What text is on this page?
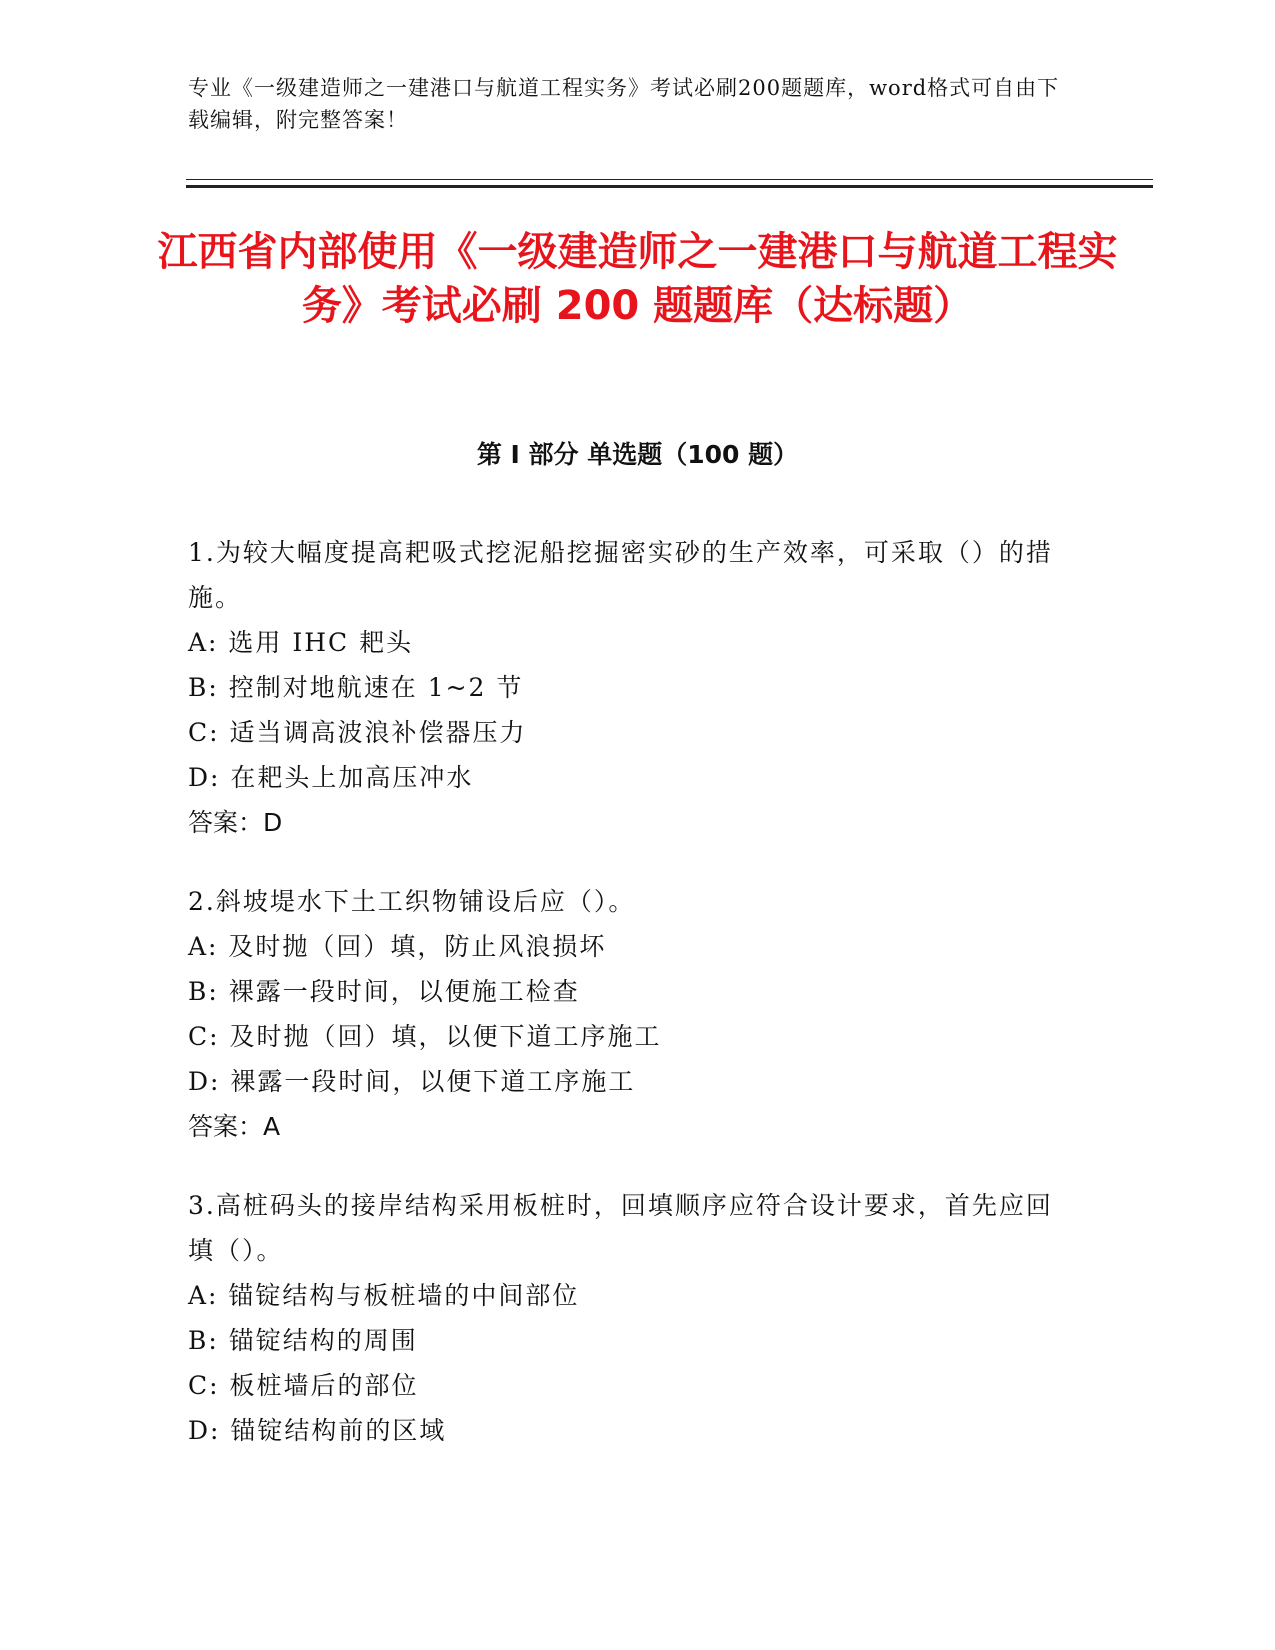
专业《一级建造师之一建港口与航道工程实务》考试必刷200题题库，word格式可自由下载编辑，附完整答案！
江西省内部使用《一级建造师之一建港口与航道工程实务》考试必刷 200 题题库（达标题）
第 I 部分 单选题（100 题）

1.为较大幅度提高耙吸式挖泥船挖掘密实砂的生产效率，可采取（）的措施。

A: 选用 IHC 耙头

B: 控制对地航速在 1~2 节

C: 适当调高波浪补偿器压力

D: 在耙头上加高压冲水

答案：D

2.斜坡堤水下土工织物铺设后应（）。

A: 及时抛（回）填，防止风浪损坏

B: 裸露一段时间，以便施工检查

C: 及时抛（回）填，以便下道工序施工

D: 裸露一段时间，以便下道工序施工

答案：A

3.高桩码头的接岸结构采用板桩时，回填顺序应符合设计要求，首先应回填（）。

A: 锚锭结构与板桩墙的中间部位

B: 锚锭结构的周围

C: 板桩墙后的部位

D: 锚锭结构前的区域
